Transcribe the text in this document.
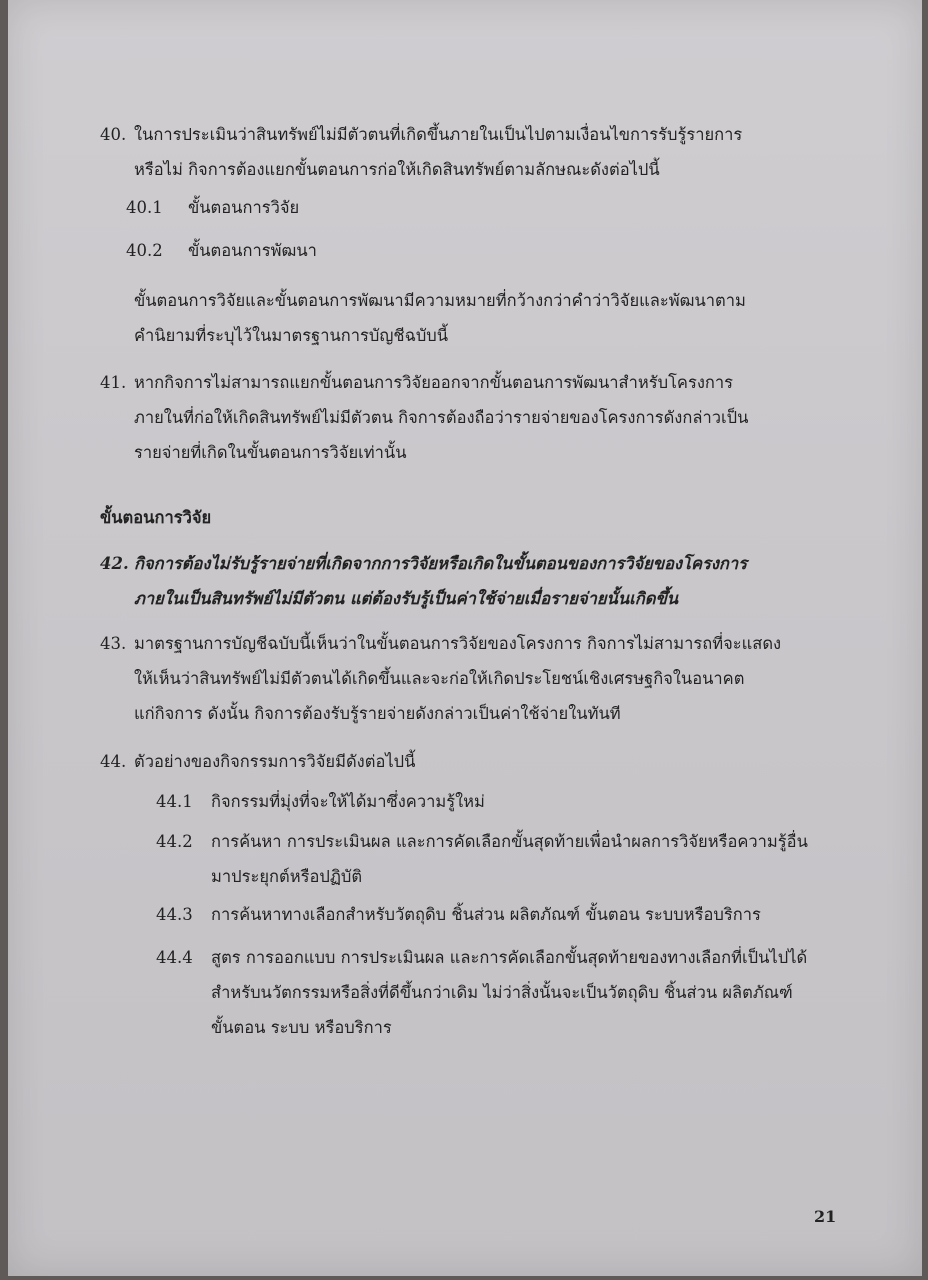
40. ในการประเมินว่าสินทรัพย์ไม่มีตัวตนที่เกิดขึ้นภายในเป็นไปตามเงื่อนไขการรับรู้รายการ
หรือไม่ กิจการต้องแยกขั้นตอนการก่อให้เกิดสินทรัพย์ตามลักษณะดังต่อไปนี้
40.1 ขั้นตอนการวิจัย
40.2 ขั้นตอนการพัฒนา
ขั้นตอนการวิจัยและขั้นตอนการพัฒนามีความหมายที่กว้างกว่าคำว่าวิจัยและพัฒนาตาม
คำนิยามที่ระบุไว้ในมาตรฐานการบัญชีฉบับนี้
41. หากกิจการไม่สามารถแยกขั้นตอนการวิจัยออกจากขั้นตอนการพัฒนาสำหรับโครงการ
ภายในที่ก่อให้เกิดสินทรัพย์ไม่มีตัวตน กิจการต้องถือว่ารายจ่ายของโครงการดังกล่าวเป็น
รายจ่ายที่เกิดในขั้นตอนการวิจัยเท่านั้น
ขั้นตอนการวิจัย
42. กิจการต้องไม่รับรู้รายจ่ายที่เกิดจากการวิจัยหรือเกิดในขั้นตอนของการวิจัยของโครงการ
ภายในเป็นสินทรัพย์ไม่มีตัวตน แต่ต้องรับรู้เป็นค่าใช้จ่ายเมื่อรายจ่ายนั้นเกิดขึ้น
43. มาตรฐานการบัญชีฉบับนี้เห็นว่าในขั้นตอนการวิจัยของโครงการ กิจการไม่สามารถที่จะแสดง
ให้เห็นว่าสินทรัพย์ไม่มีตัวตนได้เกิดขึ้นและจะก่อให้เกิดประโยชน์เชิงเศรษฐกิจในอนาคต
แก่กิจการ ดังนั้น กิจการต้องรับรู้รายจ่ายดังกล่าวเป็นค่าใช้จ่ายในทันที
44. ตัวอย่างของกิจกรรมการวิจัยมีดังต่อไปนี้
44.1 กิจกรรมที่มุ่งที่จะให้ได้มาซึ่งความรู้ใหม่
44.2 การค้นหา การประเมินผล และการคัดเลือกขั้นสุดท้ายเพื่อนำผลการวิจัยหรือความรู้อื่น
มาประยุกต์หรือปฏิบัติ
44.3 การค้นหาทางเลือกสำหรับวัตถุดิบ ชิ้นส่วน ผลิตภัณฑ์ ขั้นตอน ระบบหรือบริการ
44.4 สูตร การออกแบบ การประเมินผล และการคัดเลือกขั้นสุดท้ายของทางเลือกที่เป็นไปได้
สำหรับนวัตกรรมหรือสิ่งที่ดีขึ้นกว่าเดิม ไม่ว่าสิ่งนั้นจะเป็นวัตถุดิบ ชิ้นส่วน ผลิตภัณฑ์
ขั้นตอน ระบบ หรือบริการ
21
